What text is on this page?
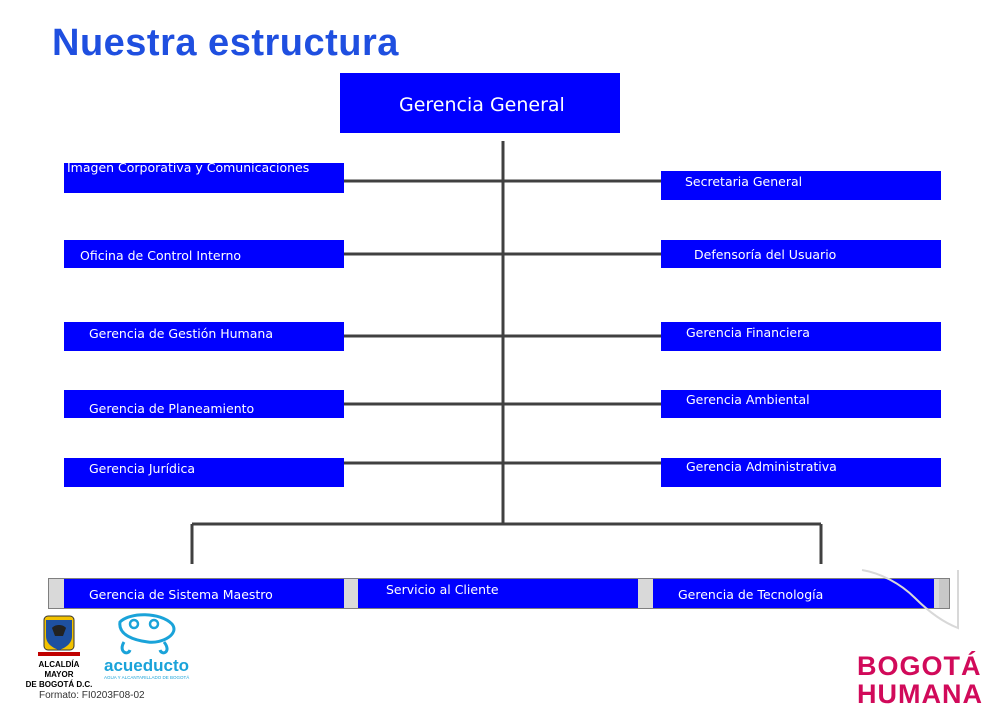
Nuestra estructura
Gerencia General
Imagen Corporativa y Comunicaciones
Oficina de Control Interno
Gerencia de Gestión Humana
Gerencia de Planeamiento
Gerencia Jurídica
Secretaria General
Defensoría del Usuario
Gerencia Financiera
Gerencia Ambiental
Gerencia Administrativa
Gerencia de Sistema Maestro	Servicio al Cliente	Gerencia de Tecnología
ALCALDÍA MAYOR
DE BOGOTÁ D.C.
acueducto
AGUA Y ALCANTARILLADO DE BOGOTÁ
Formato: FI0203F08-02
BOGOTÁ
HUMANA
